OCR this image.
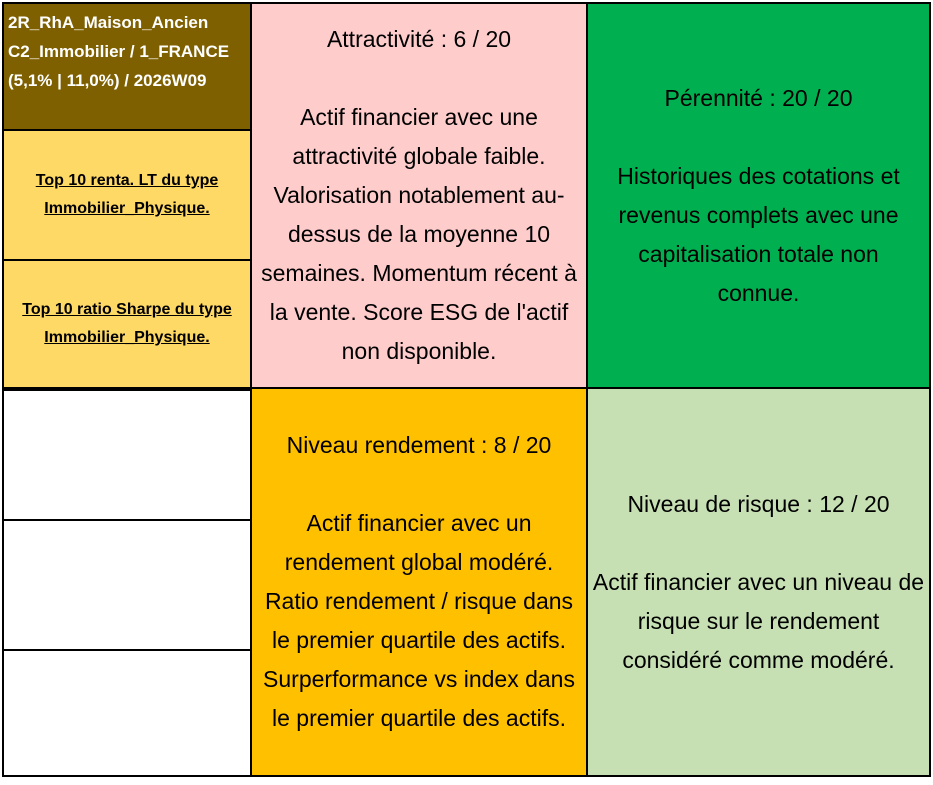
2R_RhA_Maison_Ancien
C2_Immobilier / 1_FRANCE
(5,1% | 11,0%) / 2026W09
Top 10 renta. LT du type
Immobilier_Physique.
Top 10 ratio Sharpe du type
Immobilier_Physique.
Attractivité : 6 / 20
Actif financier avec une
attractivité globale faible.
Valorisation notablement au-
dessus de la moyenne 10
semaines. Momentum récent à
la vente. Score ESG de l'actif
non disponible.
Pérennité : 20 / 20
Historiques des cotations et
revenus complets avec une
capitalisation totale non
connue.
Niveau rendement : 8 / 20
Actif financier avec un
rendement global modéré.
Ratio rendement / risque dans
le premier quartile des actifs.
Surperformance vs index dans
le premier quartile des actifs.
Niveau de risque : 12 / 20
Actif financier avec un niveau de
risque sur le rendement
considéré comme modéré.
